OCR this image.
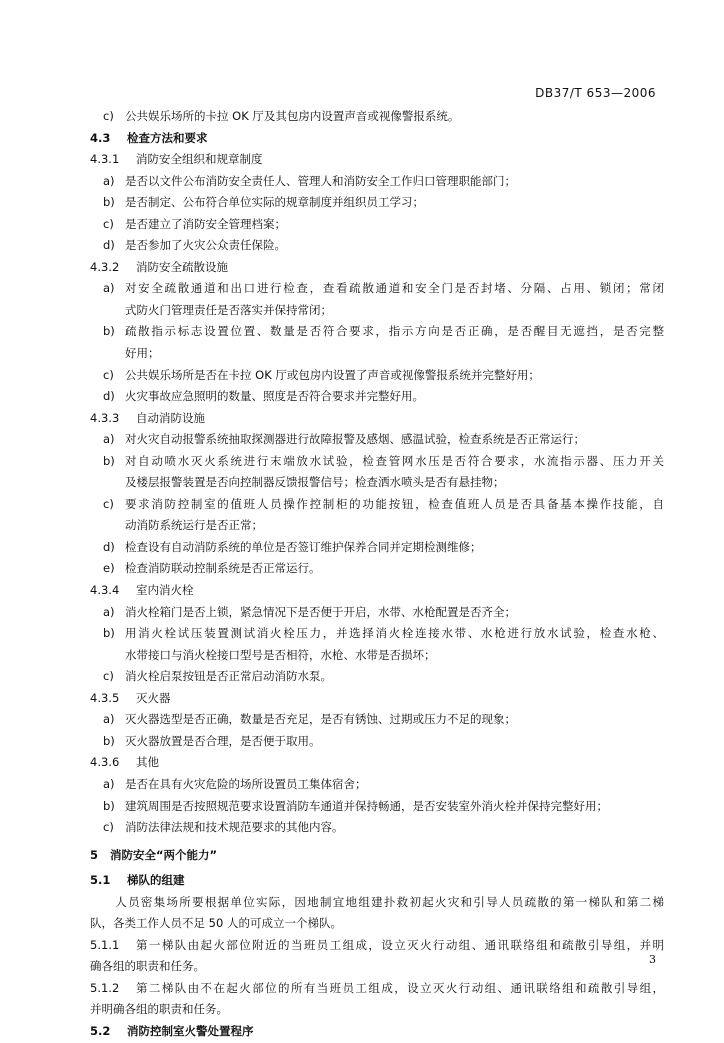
DB37/T 653—2006
c) 公共娱乐场所的卡拉 OK 厅及其包房内设置声音或视像警报系统。
4.3	检查方法和要求
4.3.1	消防安全组织和规章制度
a) 是否以文件公布消防安全责任人、管理人和消防安全工作归口管理职能部门；
b) 是否制定、公布符合单位实际的规章制度并组织员工学习；
c) 是否建立了消防安全管理档案；
d) 是否参加了火灾公众责任保险。
4.3.2	消防安全疏散设施
a) 对安全疏散通道和出口进行检查，查看疏散通道和安全门是否封堵、分隔、占用、锁闭；常闭
式防火门管理责任是否落实并保持常闭；
b) 疏散指示标志设置位置、数量是否符合要求，指示方向是否正确，是否醒目无遮挡，是否完整
好用；
c) 公共娱乐场所是否在卡拉 OK 厅或包房内设置了声音或视像警报系统并完整好用；
d) 火灾事故应急照明的数量、照度是否符合要求并完整好用。
4.3.3	自动消防设施
a) 对火灾自动报警系统抽取探测器进行故障报警及感烟、感温试验，检查系统是否正常运行；
b) 对自动喷水灭火系统进行末端放水试验，检查管网水压是否符合要求，水流指示器、压力开关
及楼层报警装置是否向控制器反馈报警信号；检查洒水喷头是否有悬挂物；
c) 要求消防控制室的值班人员操作控制柜的功能按钮，检查值班人员是否具备基本操作技能，自
动消防系统运行是否正常；
d) 检查设有自动消防系统的单位是否签订维护保养合同并定期检测维修；
e) 检查消防联动控制系统是否正常运行。
4.3.4	室内消火栓
a) 消火栓箱门是否上锁，紧急情况下是否便于开启，水带、水枪配置是否齐全；
b) 用消火栓试压装置测试消火栓压力，并选择消火栓连接水带、水枪进行放水试验，检查水枪、
水带接口与消火栓接口型号是否相符，水枪、水带是否损坏；
c) 消火栓启泵按钮是否正常启动消防水泵。
4.3.5	灭火器
a) 灭火器选型是否正确，数量是否充足，是否有锈蚀、过期或压力不足的现象；
b) 灭火器放置是否合理，是否便于取用。
4.3.6	其他
a) 是否在具有火灾危险的场所设置员工集体宿舍；
b) 建筑周围是否按照规范要求设置消防车通道并保持畅通，是否安装室外消火栓并保持完整好用；
c) 消防法律法规和技术规范要求的其他内容。
5	消防安全“两个能力”
5.1	梯队的组建
人员密集场所要根据单位实际，因地制宜地组建扑救初起火灾和引导人员疏散的第一梯队和第二梯
队，各类工作人员不足 50 人的可成立一个梯队。
5.1.1	第一梯队由起火部位附近的当班员工组成，设立灭火行动组、通讯联络组和疏散引导组，并明
确各组的职责和任务。
5.1.2	第二梯队由不在起火部位的所有当班员工组成，设立灭火行动组、通讯联络组和疏散引导组，
并明确各组的职责和任务。
5.2	消防控制室火警处置程序
3
